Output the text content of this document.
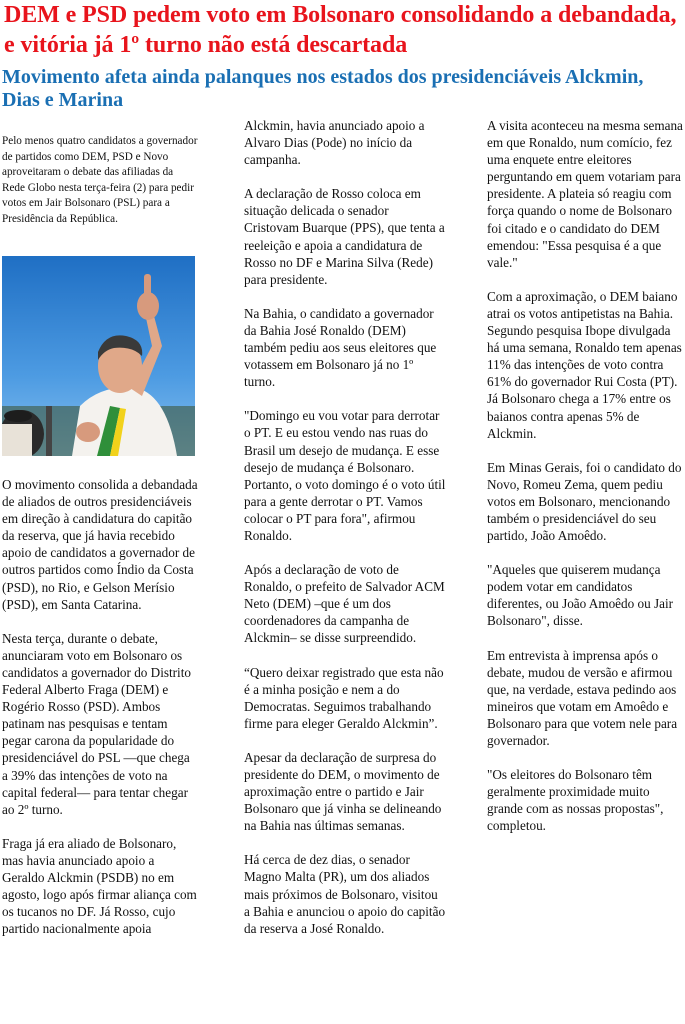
DEM e PSD pedem voto em Bolsonaro consolidando a debandada, e vitória já 1º turno não está descartada
Movimento afeta ainda palanques nos estados dos presidenciáveis Alckmin, Dias e Marina

Pelo menos quatro candidatos a governador de partidos como DEM, PSD e Novo aproveitaram o debate das afiliadas da Rede Globo nesta terça-feira (2) para pedir votos em Jair Bolsonaro (PSL) para a Presidência da República.

O movimento consolida a debandada de aliados de outros presidenciáveis em direção à candidatura do capitão da reserva, que já havia recebido apoio de candidatos a governador de outros partidos como Índio da Costa (PSD), no Rio, e Gelson Merísio (PSD), em Santa Catarina.

Nesta terça, durante o debate, anunciaram voto em Bolsonaro os candidatos a governador do Distrito Federal Alberto Fraga (DEM) e Rogério Rosso (PSD). Ambos patinam nas pesquisas e tentam pegar carona da popularidade do presidenciável do PSL —que chega a 39% das intenções de voto na capital federal— para tentar chegar ao 2º turno.

Fraga já era aliado de Bolsonaro, mas havia anunciado apoio a Geraldo Alckmin (PSDB) no em agosto, logo após firmar aliança com os tucanos no DF. Já Rosso, cujo partido nacionalmente apoia

Alckmin, havia anunciado apoio a Alvaro Dias (Pode) no início da campanha.

A declaração de Rosso coloca em situação delicada o senador Cristovam Buarque (PPS), que tenta a reeleição e apoia a candidatura de Rosso no DF e Marina Silva (Rede) para presidente.

Na Bahia, o candidato a governador da Bahia José Ronaldo (DEM) também pediu aos seus eleitores que votassem em Bolsonaro já no 1º turno.

"Domingo eu vou votar para derrotar o PT. E eu estou vendo nas ruas do Brasil um desejo de mudança. E esse desejo de mudança é Bolsonaro. Portanto, o voto domingo é o voto útil para a gente derrotar o PT. Vamos colocar o PT para fora", afirmou Ronaldo.

Após a declaração de voto de Ronaldo, o prefeito de Salvador ACM Neto (DEM) –que é um dos coordenadores da campanha de Alckmin– se disse surpreendido.

“Quero deixar registrado que esta não é a minha posição e nem a do Democratas. Seguimos trabalhando firme para eleger Geraldo Alckmin”.

Apesar da declaração de surpresa do presidente do DEM, o movimento de aproximação entre o partido e Jair Bolsonaro que já vinha se delineando na Bahia nas últimas semanas.

Há cerca de dez dias, o senador Magno Malta (PR), um dos aliados mais próximos de Bolsonaro, visitou a Bahia e anunciou o apoio do capitão da reserva a José Ronaldo.

A visita aconteceu na mesma semana em que Ronaldo, num comício, fez uma enquete entre eleitores perguntando em quem votariam para presidente. A plateia só reagiu com força quando o nome de Bolsonaro foi citado e o candidato do DEM emendou: "Essa pesquisa é a que vale."

Com a aproximação, o DEM baiano atrai os votos antipetistas na Bahia. Segundo pesquisa Ibope divulgada há uma semana, Ronaldo tem apenas 11% das intenções de voto contra 61% do governador Rui Costa (PT). Já Bolsonaro chega a 17% entre os baianos contra apenas 5% de Alckmin.

Em Minas Gerais, foi o candidato do Novo, Romeu Zema, quem pediu votos em Bolsonaro, mencionando também o presidenciável do seu partido, João Amoêdo.

"Aqueles que quiserem mudança podem votar em candidatos diferentes, ou João Amoêdo ou Jair Bolsonaro", disse.

Em entrevista à imprensa após o debate, mudou de versão e afirmou que, na verdade, estava pedindo aos mineiros que votam em Amoêdo e Bolsonaro para que votem nele para governador.

"Os eleitores do Bolsonaro têm geralmente proximidade muito grande com as nossas propostas", completou.
